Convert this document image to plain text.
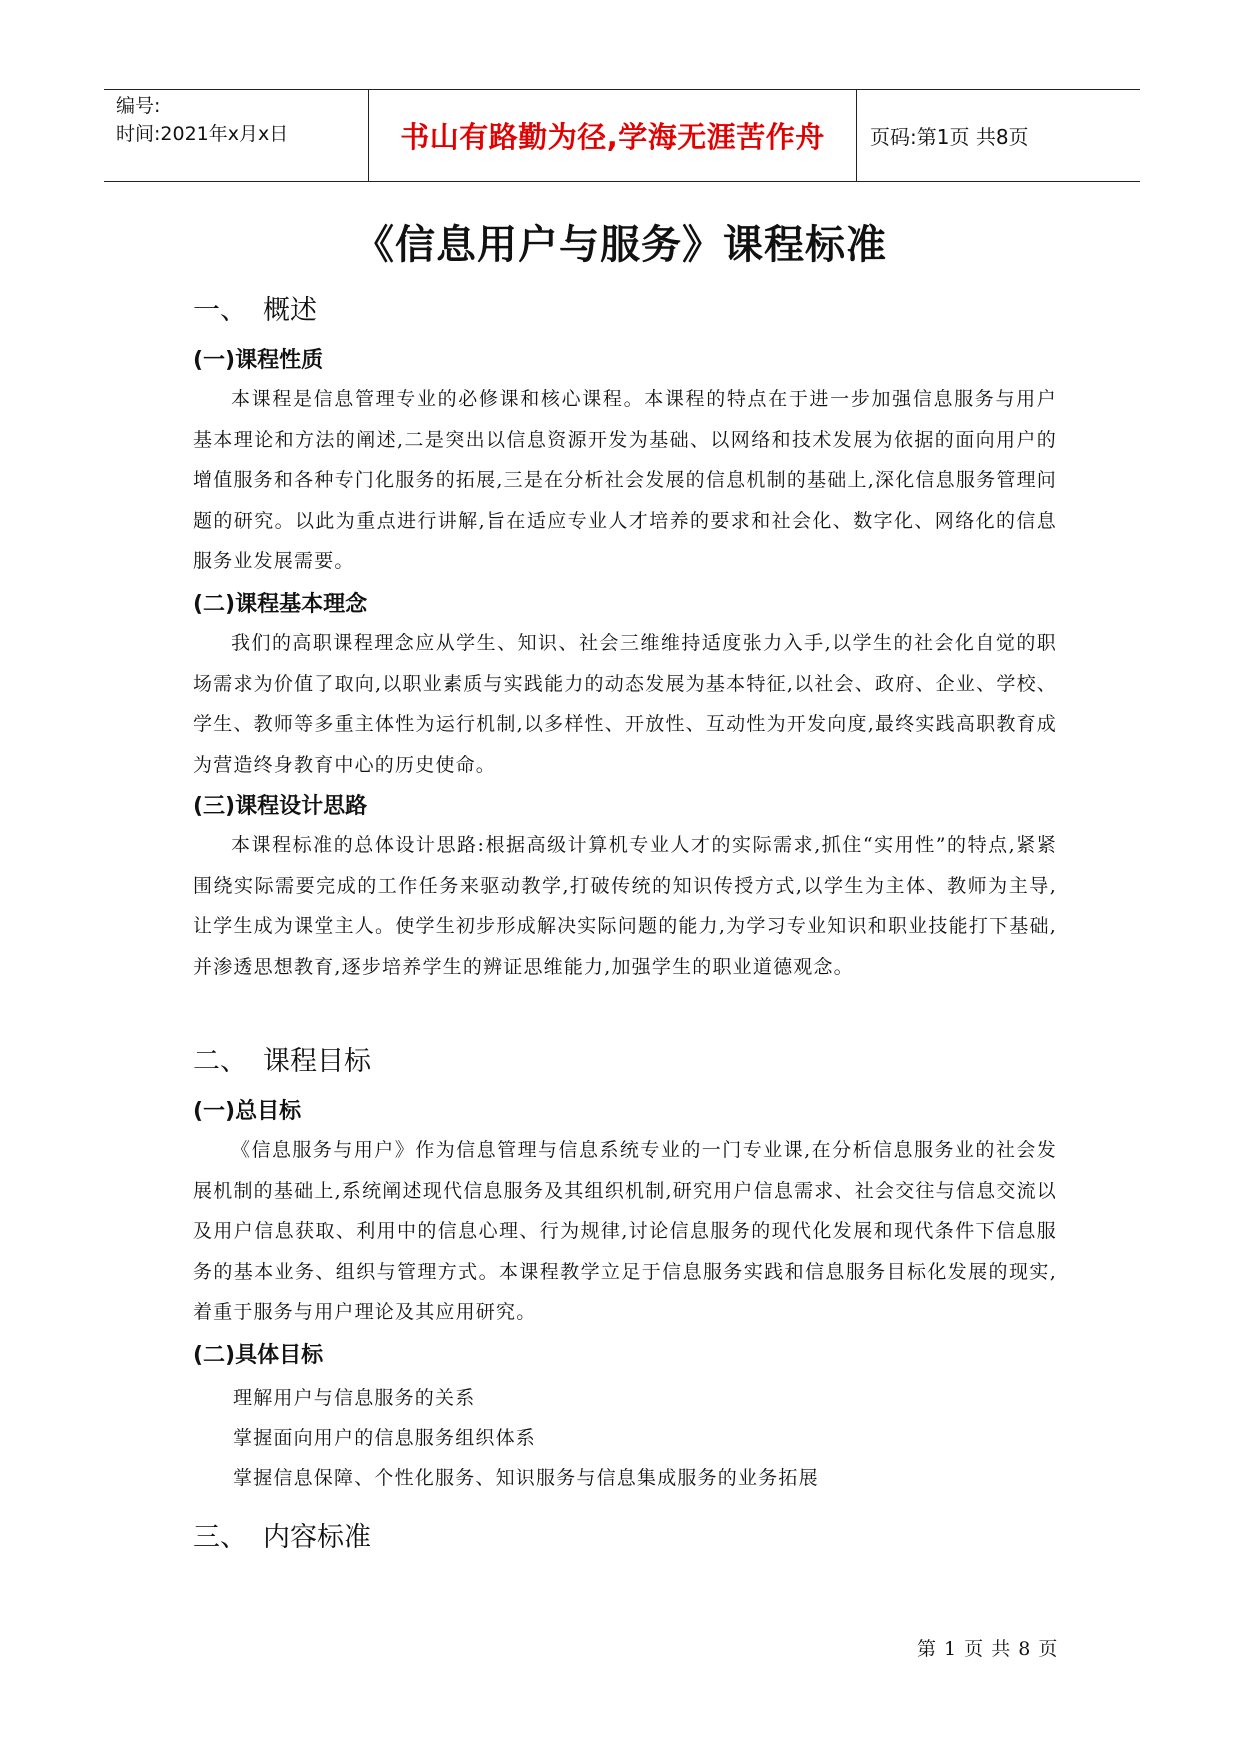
编号:
时间:2021年x月x日	书山有路勤为径,学海无涯苦作舟	页码:第1页 共8页
《信息用户与服务》课程标准
一、 概述
(一)课程性质
本课程是信息管理专业的必修课和核心课程。本课程的特点在于进一步加强信息服务与用户基本理论和方法的阐述,二是突出以信息资源开发为基础、以网络和技术发展为依据的面向用户的增值服务和各种专门化服务的拓展,三是在分析社会发展的信息机制的基础上,深化信息服务管理问题的研究。以此为重点进行讲解,旨在适应专业人才培养的要求和社会化、数字化、网络化的信息服务业发展需要。
(二)课程基本理念
我们的高职课程理念应从学生、知识、社会三维维持适度张力入手,以学生的社会化自觉的职场需求为价值了取向,以职业素质与实践能力的动态发展为基本特征,以社会、政府、企业、学校、学生、教师等多重主体性为运行机制,以多样性、开放性、互动性为开发向度,最终实践高职教育成为营造终身教育中心的历史使命。
(三)课程设计思路
本课程标准的总体设计思路:根据高级计算机专业人才的实际需求,抓住“实用性”的特点,紧紧围绕实际需要完成的工作任务来驱动教学,打破传统的知识传授方式,以学生为主体、教师为主导,让学生成为课堂主人。使学生初步形成解决实际问题的能力,为学习专业知识和职业技能打下基础,并渗透思想教育,逐步培养学生的辨证思维能力,加强学生的职业道德观念。
二、 课程目标
(一)总目标
《信息服务与用户》作为信息管理与信息系统专业的一门专业课,在分析信息服务业的社会发展机制的基础上,系统阐述现代信息服务及其组织机制,研究用户信息需求、社会交往与信息交流以及用户信息获取、利用中的信息心理、行为规律,讨论信息服务的现代化发展和现代条件下信息服务的基本业务、组织与管理方式。本课程教学立足于信息服务实践和信息服务目标化发展的现实,着重于服务与用户理论及其应用研究。
(二)具体目标
理解用户与信息服务的关系
掌握面向用户的信息服务组织体系
掌握信息保障、个性化服务、知识服务与信息集成服务的业务拓展
三、 内容标准
第 1 页 共 8 页
